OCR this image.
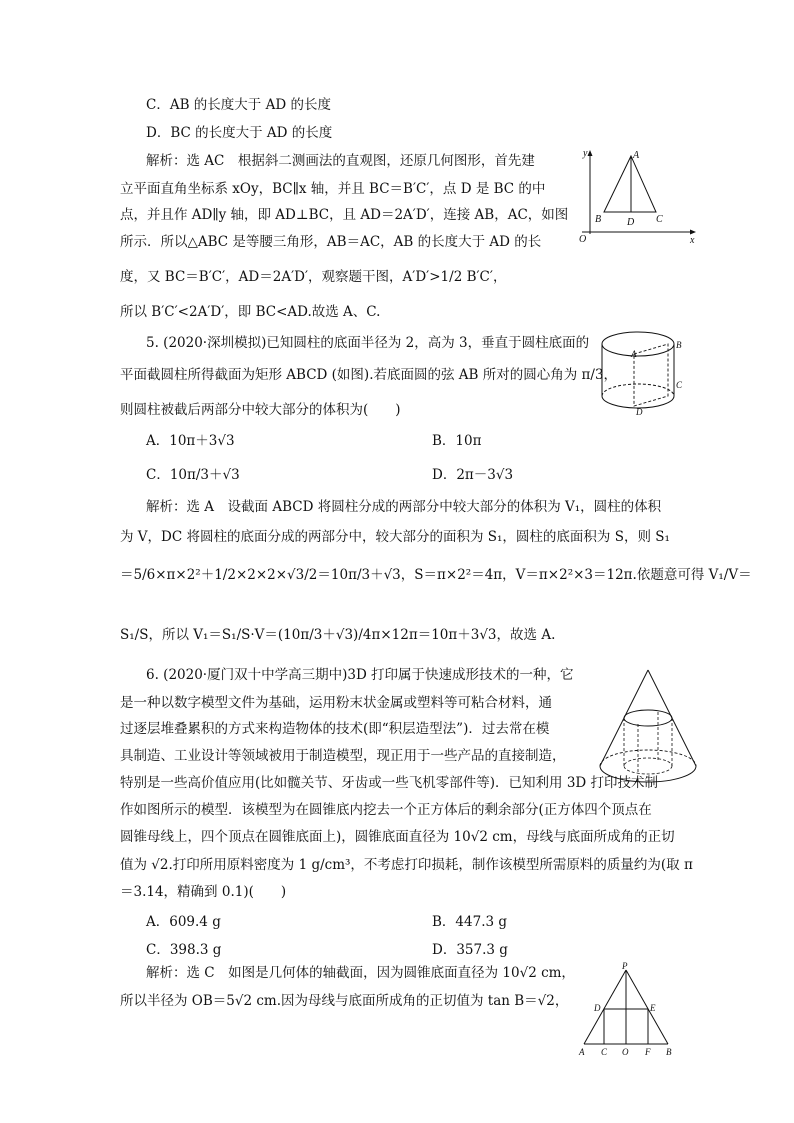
C．AB 的长度大于 AD 的长度
D．BC 的长度大于 AD 的长度
解析：选 AC　根据斜二测画法的直观图，还原几何图形，首先建
立平面直角坐标系 xOy，BC∥x 轴，并且 BC＝B′C′，点 D 是 BC 的中
点，并且作 AD∥y 轴，即 AD⊥BC，且 AD＝2A′D′，连接 AB，AC，如图
所示．所以△ABC 是等腰三角形，AB＝AC，AB 的长度大于 AD 的长
度，又 BC＝B′C′，AD＝2A′D′，观察题干图，A′D′>1/2 B′C′，
所以 B′C′<2A′D′，即 BC<AD.故选 A、C.
y	A
B	D C
O	x
5. (2020·深圳模拟)已知圆柱的底面半径为 2，高为 3，垂直于圆柱底面的
平面截圆柱所得截面为矩形 ABCD (如图).若底面圆的弦 AB 所对的圆心角为 π/3，
则圆柱被截后两部分中较大部分的体积为(　　)
A．10π＋3√3	B．10π
C．10π/3＋√3	D．2π－3√3
解析：选 A　设截面 ABCD 将圆柱分成的两部分中较大部分的体积为 V₁，圆柱的体积
为 V，DC 将圆柱的底面分成的两部分中，较大部分的面积为 S₁，圆柱的底面积为 S，则 S₁
＝5/6×π×2²＋1/2×2×2×√3/2＝10π/3＋√3，S＝π×2²＝4π，V＝π×2²×3＝12π.依题意可得 V₁/V＝
S₁/S，所以 V₁＝S₁/S·V＝(10π/3＋√3)/4π×12π＝10π＋3√3，故选 A.
A
B
C
D
6. (2020·厦门双十中学高三期中)3D 打印属于快速成形技术的一种，它
是一种以数字模型文件为基础，运用粉末状金属或塑料等可粘合材料，通
过逐层堆叠累积的方式来构造物体的技术(即“积层造型法”)．过去常在模
具制造、工业设计等领域被用于制造模型，现正用于一些产品的直接制造，
特别是一些高价值应用(比如髋关节、牙齿或一些飞机零部件等)．已知利用 3D 打印技术制
作如图所示的模型．该模型为在圆锥底内挖去一个正方体后的剩余部分(正方体四个顶点在
圆锥母线上，四个顶点在圆锥底面上)，圆锥底面直径为 10√2 cm，母线与底面所成角的正切
值为 √2.打印所用原料密度为 1 g/cm³，不考虑打印损耗，制作该模型所需原料的质量约为(取 π
＝3.14，精确到 0.1)(　　)
A．609.4 g	B．447.3 g
C．398.3 g	D．357.3 g
解析：选 C　如图是几何体的轴截面，因为圆锥底面直径为 10√2 cm，
所以半径为 OB＝5√2 cm.因为母线与底面所成角的正切值为 tan B＝√2，
P
D	E
A C O F B
